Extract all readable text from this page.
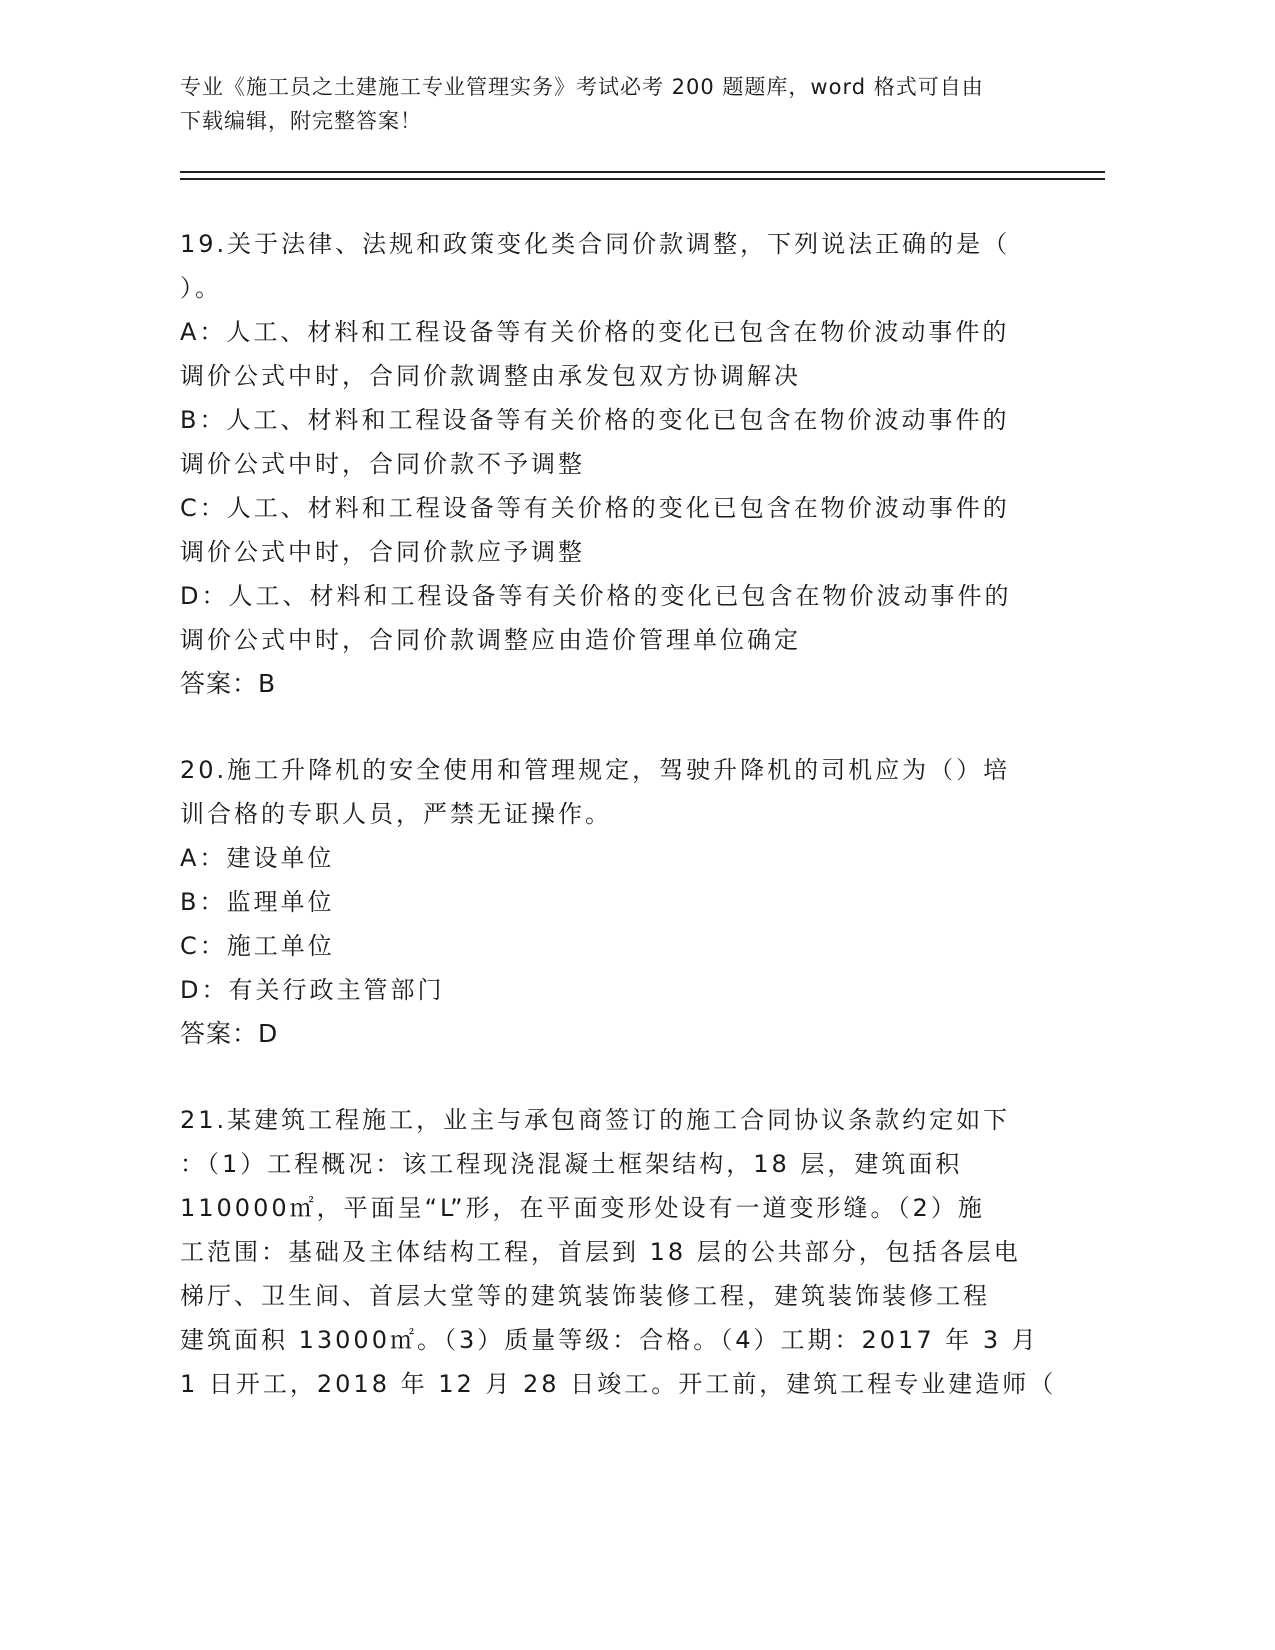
专业《施工员之土建施工专业管理实务》考试必考 200 题题库，word 格式可自由
下载编辑，附完整答案！
19.关于法律、法规和政策变化类合同价款调整，下列说法正确的是（
）。
A：人工、材料和工程设备等有关价格的变化已包含在物价波动事件的
调价公式中时，合同价款调整由承发包双方协调解决
B：人工、材料和工程设备等有关价格的变化已包含在物价波动事件的
调价公式中时，合同价款不予调整
C：人工、材料和工程设备等有关价格的变化已包含在物价波动事件的
调价公式中时，合同价款应予调整
D：人工、材料和工程设备等有关价格的变化已包含在物价波动事件的
调价公式中时，合同价款调整应由造价管理单位确定
答案：B
20.施工升降机的安全使用和管理规定，驾驶升降机的司机应为（）培
训合格的专职人员，严禁无证操作。
A：建设单位
B：监理单位
C：施工单位
D：有关行政主管部门
答案：D
21.某建筑工程施工，业主与承包商签订的施工合同协议条款约定如下
：（1）工程概况：该工程现浇混凝土框架结构，18 层，建筑面积
110000㎡，平面呈“L”形，在平面变形处设有一道变形缝。（2）施
工范围：基础及主体结构工程，首层到 18 层的公共部分，包括各层电
梯厅、卫生间、首层大堂等的建筑装饰装修工程，建筑装饰装修工程
建筑面积 13000㎡。（3）质量等级：合格。（4）工期：2017 年 3 月
1 日开工，2018 年 12 月 28 日竣工。开工前，建筑工程专业建造师（
